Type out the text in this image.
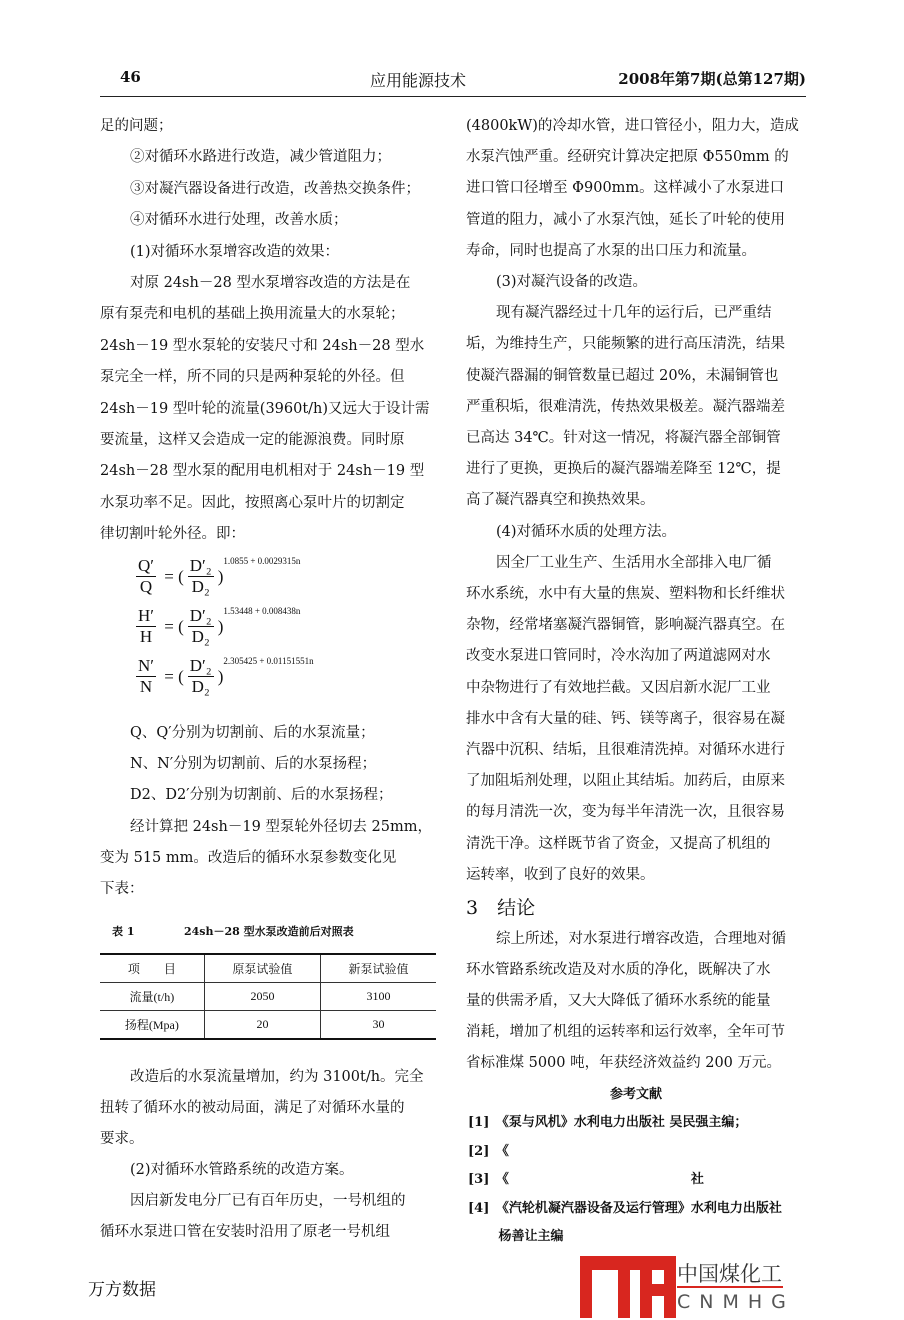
46	应用能源技术	2008年第7期(总第127期)
足的问题；
②对循环水路进行改造，减少管道阻力；
③对凝汽器设备进行改造，改善热交换条件；
④对循环水进行处理，改善水质；
(1)对循环水泵增容改造的效果：
对原 24sh－28 型水泵增容改造的方法是在
原有泵壳和电机的基础上换用流量大的水泵轮；
24sh－19 型水泵轮的安装尺寸和 24sh－28 型水
泵完全一样，所不同的只是两种泵轮的外径。但
24sh－19 型叶轮的流量(3960t/h)又远大于设计需
要流量，这样又会造成一定的能源浪费。同时原
24sh－28 型水泵的配用电机相对于 24sh－19 型
水泵功率不足。因此，按照离心泵叶片的切割定
律切割叶轮外径。即：
Q、Q′分别为切割前、后的水泵流量；
N、N′分别为切割前、后的水泵扬程；
D2、D2′分别为切割前、后的水泵扬程；
经计算把 24sh－19 型泵轮外径切去 25mm，
变为 515 mm。改造后的循环水泵参数变化见
下表：
改造后的水泵流量增加，约为 3100t/h。完全
扭转了循环水的被动局面，满足了对循环水量的
要求。
(2)对循环水管路系统的改造方案。
因启新发电分厂已有百年历史，一号机组的
循环水泵进口管在安装时沿用了原老一号机组
$\frac{Q'}{Q}$ = ( $\frac{\text{D′₂}}{\text{D₂}}$ )
1.0855 + 0.0029315n
$\frac{H'}{H}$ = ( $\frac{\text{D′₂}}{\text{D₂}}$ )
1.53448 + 0.008438n
$\frac{N'}{N}$ = ( $\frac{\text{D′₂}}{\text{D₂}}$ )
2.305425 + 0.01151551n
(4800kW)的冷却水管，进口管径小，阻力大，造成
水泵汽蚀严重。经研究计算决定把原 Φ550mm 的
进口管口径增至 Φ900mm。这样减小了水泵进口
管道的阻力，减小了水泵汽蚀，延长了叶轮的使用
寿命，同时也提高了水泵的出口压力和流量。
(3)对凝汽设备的改造。
现有凝汽器经过十几年的运行后，已严重结
垢，为维持生产，只能频繁的进行高压清洗，结果
使凝汽器漏的铜管数量已超过 20%，未漏铜管也
严重积垢，很难清洗，传热效果极差。凝汽器端差
已高达 34℃。针对这一情况，将凝汽器全部铜管
进行了更换，更换后的凝汽器端差降至 12℃，提
高了凝汽器真空和换热效果。
(4)对循环水质的处理方法。
因全厂工业生产、生活用水全部排入电厂循
环水系统，水中有大量的焦炭、塑料物和长纤维状
杂物，经常堵塞凝汽器铜管，影响凝汽器真空。在
改变水泵进口管同时，冷水沟加了两道滤网对水
中杂物进行了有效地拦截。又因启新水泥厂工业
排水中含有大量的硅、钙、镁等离子，很容易在凝
汽器中沉积、结垢，且很难清洗掉。对循环水进行
了加阻垢剂处理，以阻止其结垢。加药后，由原来
的每月清洗一次，变为每半年清洗一次，且很容易
清洗干净。这样既节省了资金，又提高了机组的
运转率，收到了良好的效果。
综上所述，对水泵进行增容改造，合理地对循
环水管路系统改造及对水质的净化，既解决了水
量的供需矛盾，又大大降低了循环水系统的能量
消耗，增加了机组的运转率和运行效率，全年可节
省标准煤 5000 吨，年获经济效益约 200 万元。
[1]　《泵与风机》水利电力出版社 吴民强主编；
[2]　《
[3]　《　　　　　　　　　　　　　　社
[4]　《汽轮机凝汽器设备及运行管理》水利电力出版社
　　 杨善让主编
表 1	24sh－28 型水泵改造前后对照表
项　　目	原泵试验值	新泵试验值
流量(t/h)	2050	3100
扬程(Mpa)	20	30
3　结论
参考文献
中国煤化工
CNMHG
万方数据
